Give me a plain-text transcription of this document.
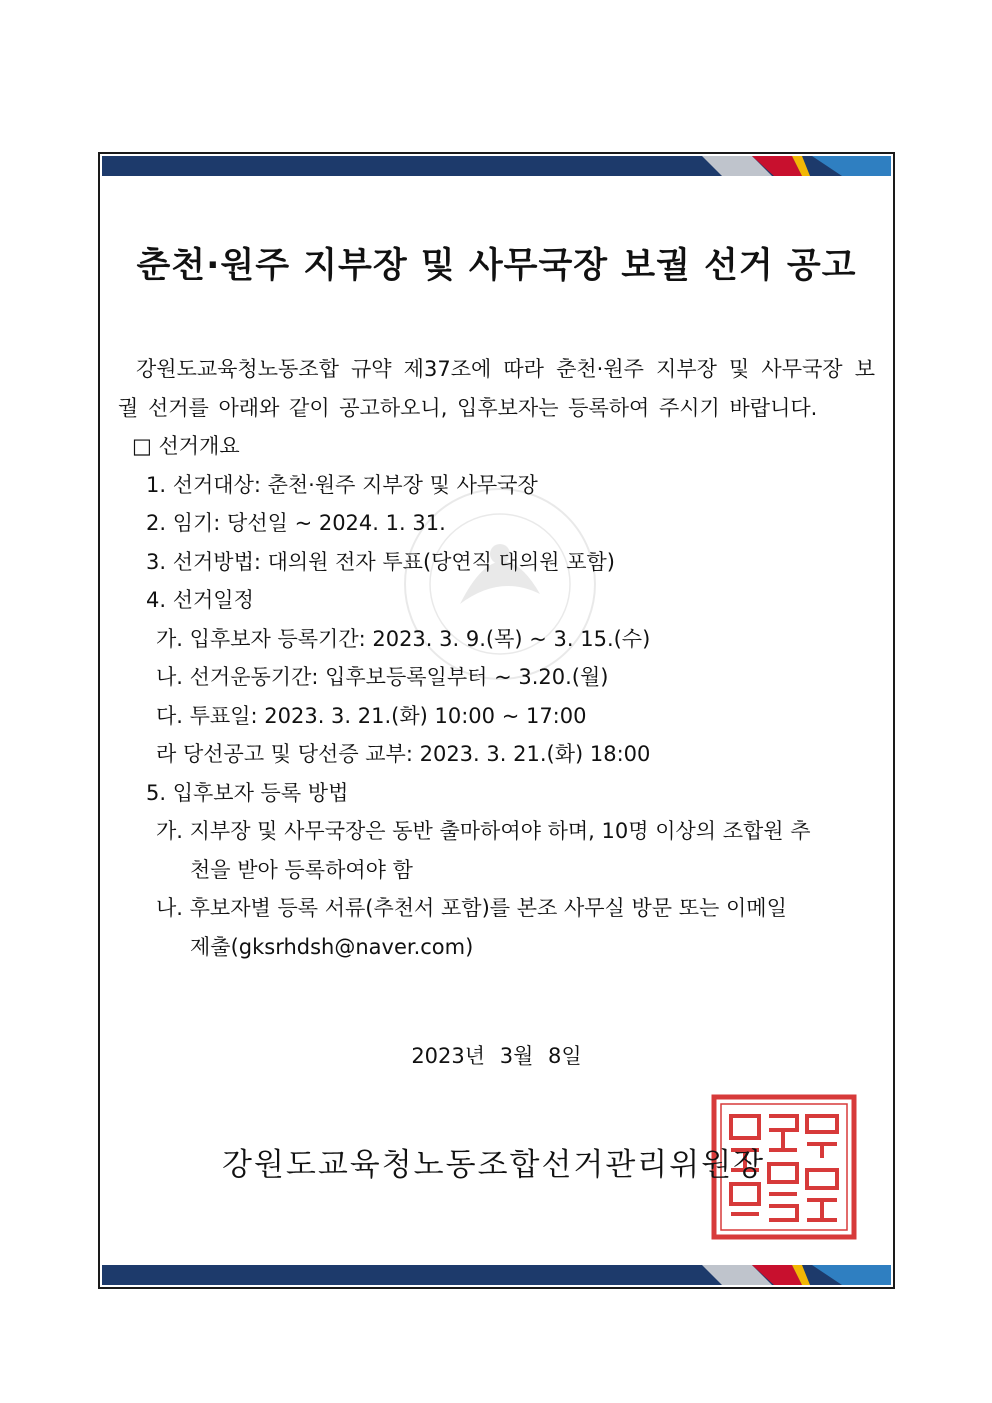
춘천·원주 지부장 및 사무국장 보궐 선거 공고
강원도교육청노동조합 규약 제37조에 따라 춘천·원주 지부장 및 사무국장 보궐 선거를 아래와 같이 공고하오니, 입후보자는 등록하여 주시기 바랍니다.
□ 선거개요
1. 선거대상: 춘천·원주 지부장 및 사무국장
2. 임기: 당선일 ~ 2024. 1. 31.
3. 선거방법: 대의원 전자 투표(당연직 대의원 포함)
4. 선거일정
가. 입후보자 등록기간: 2023. 3. 9.(목) ~ 3. 15.(수)
나. 선거운동기간: 입후보등록일부터 ~ 3.20.(월)
다. 투표일: 2023. 3. 21.(화) 10:00 ~ 17:00
라 당선공고 및 당선증 교부: 2023. 3. 21.(화) 18:00
5. 입후보자 등록 방법
가. 지부장 및 사무국장은 동반 출마하여야 하며, 10명 이상의 조합원 추
천을 받아 등록하여야 함
나. 후보자별 등록 서류(추천서 포함)를 본조 사무실 방문 또는 이메일
제출(gksrhdsh@naver.com)
2023년 3월 8일
강원도교육청노동조합선거관리위원장
